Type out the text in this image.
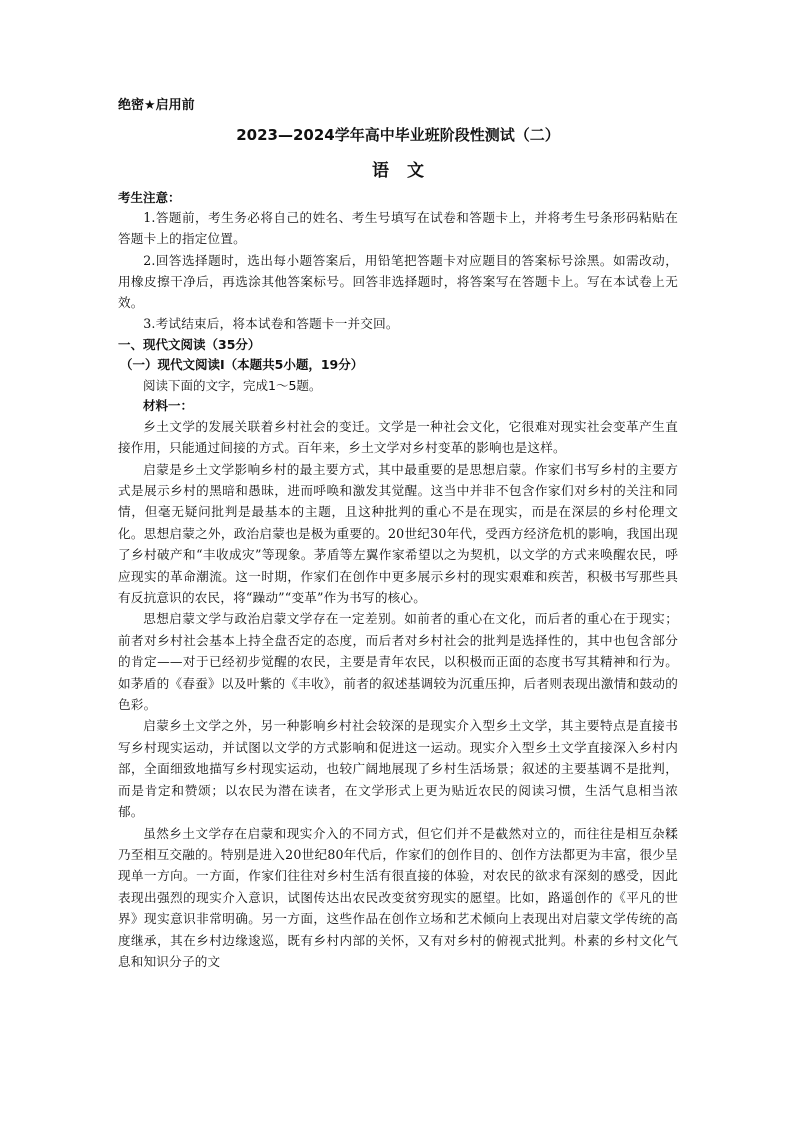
绝密★启用前
2023—2024学年高中毕业班阶段性测试（二）
语文
考生注意：

1.答题前，考生务必将自己的姓名、考生号填写在试卷和答题卡上，并将考生号条形码粘贴在答题卡上的指定位置。

2.回答选择题时，选出每小题答案后，用铅笔把答题卡对应题目的答案标号涂黑。如需改动，用橡皮擦干净后，再选涂其他答案标号。回答非选择题时，将答案写在答题卡上。写在本试卷上无效。

3.考试结束后，将本试卷和答题卡一并交回。

一、现代文阅读（35分）
（一）现代文阅读Ⅰ（本题共5小题，19分）
阅读下面的文字，完成1～5题。
材料一：

乡土文学的发展关联着乡村社会的变迁。文学是一种社会文化，它很难对现实社会变革产生直接作用，只能通过间接的方式。百年来，乡土文学对乡村变革的影响也是这样。

启蒙是乡土文学影响乡村的最主要方式，其中最重要的是思想启蒙。作家们书写乡村的主要方式是展示乡村的黑暗和愚昧，进而呼唤和激发其觉醒。这当中并非不包含作家们对乡村的关注和同情，但毫无疑问批判是最基本的主题，且这种批判的重心不是在现实，而是在深层的乡村伦理文化。思想启蒙之外，政治启蒙也是极为重要的。20世纪30年代，受西方经济危机的影响，我国出现了乡村破产和“丰收成灾”等现象。茅盾等左翼作家希望以之为契机，以文学的方式来唤醒农民，呼应现实的革命潮流。这一时期，作家们在创作中更多展示乡村的现实艰难和疾苦，积极书写那些具有反抗意识的农民，将“躁动”“变革”作为书写的核心。

思想启蒙文学与政治启蒙文学存在一定差别。如前者的重心在文化，而后者的重心在于现实；前者对乡村社会基本上持全盘否定的态度，而后者对乡村社会的批判是选择性的，其中也包含部分的肯定——对于已经初步觉醒的农民，主要是青年农民，以积极而正面的态度书写其精神和行为。如茅盾的《春蚕》以及叶紫的《丰收》，前者的叙述基调较为沉重压抑，后者则表现出激情和鼓动的色彩。

启蒙乡土文学之外，另一种影响乡村社会较深的是现实介入型乡土文学，其主要特点是直接书写乡村现实运动，并试图以文学的方式影响和促进这一运动。现实介入型乡土文学直接深入乡村内部，全面细致地描写乡村现实运动，也较广阔地展现了乡村生活场景；叙述的主要基调不是批判，而是肯定和赞颂；以农民为潜在读者，在文学形式上更为贴近农民的阅读习惯，生活气息相当浓郁。

虽然乡土文学存在启蒙和现实介入的不同方式，但它们并不是截然对立的，而往往是相互杂糅乃至相互交融的。特别是进入20世纪80年代后，作家们的创作目的、创作方法都更为丰富，很少呈现单一方向。一方面，作家们往往对乡村生活有很直接的体验，对农民的欲求有深刻的感受，因此表现出强烈的现实介入意识，试图传达出农民改变贫穷现实的愿望。比如，路遥创作的《平凡的世界》现实意识非常明确。另一方面，这些作品在创作立场和艺术倾向上表现出对启蒙文学传统的高度继承，其在乡村边缘逡巡，既有乡村内部的关怀，又有对乡村的俯视式批判。朴素的乡村文化气息和知识分子的文
